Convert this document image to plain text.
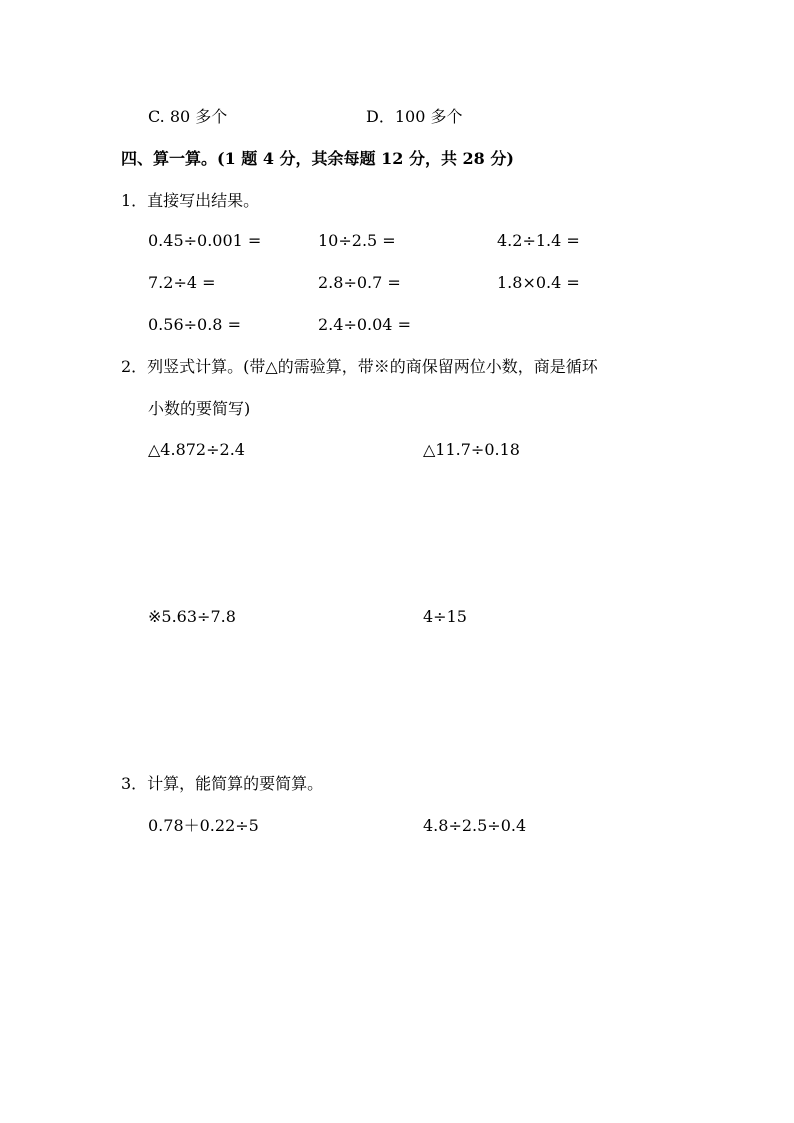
C. 80 多个	D．100 多个
四、算一算。(1 题 4 分，其余每题 12 分，共 28 分)
1．直接写出结果。
0.45÷0.001 =	10÷2.5 =	4.2÷1.4 =
7.2÷4 =	2.8÷0.7 =	1.8×0.4 =
0.56÷0.8 =	2.4÷0.04 =
2．列竖式计算。(带△的需验算，带※的商保留两位小数，商是循环
小数的要简写)
△4.872÷2.4	△11.7÷0.18
※5.63÷7.8	4÷15
3．计算，能简算的要简算。
0.78＋0.22÷5	4.8÷2.5÷0.4
